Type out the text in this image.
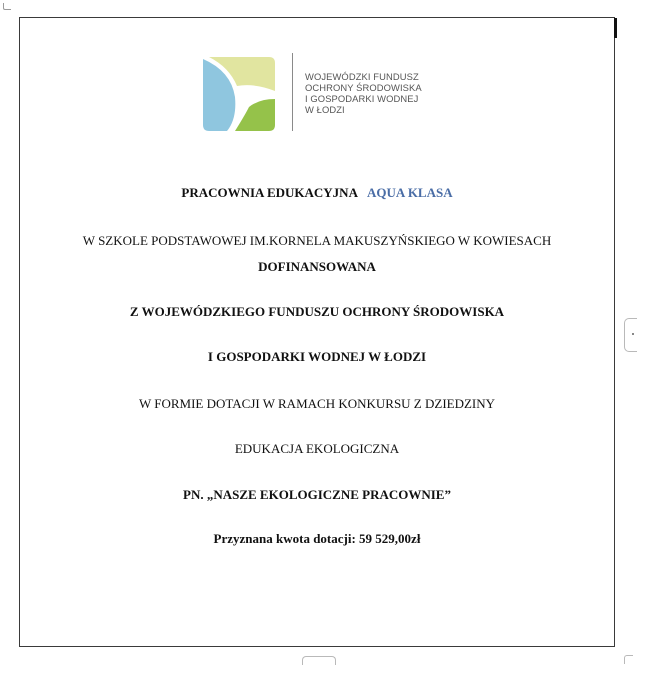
WOJEWÓDZKI FUNDUSZ
OCHRONY ŚRODOWISKA
I GOSPODARKI WODNEJ
W ŁODZI
PRACOWNIA EDUKACYJNA AQUA KLASA
W SZKOLE PODSTAWOWEJ IM.KORNELA MAKUSZYŃSKIEGO W KOWIESACH
DOFINANSOWANA
Z WOJEWÓDZKIEGO FUNDUSZU OCHRONY ŚRODOWISKA
I GOSPODARKI WODNEJ W ŁODZI
W FORMIE DOTACJI W RAMACH KONKURSU Z DZIEDZINY
EDUKACJA EKOLOGICZNA
PN. „NASZE EKOLOGICZNE PRACOWNIE”
Przyznana kwota dotacji: 59 529,00zł
